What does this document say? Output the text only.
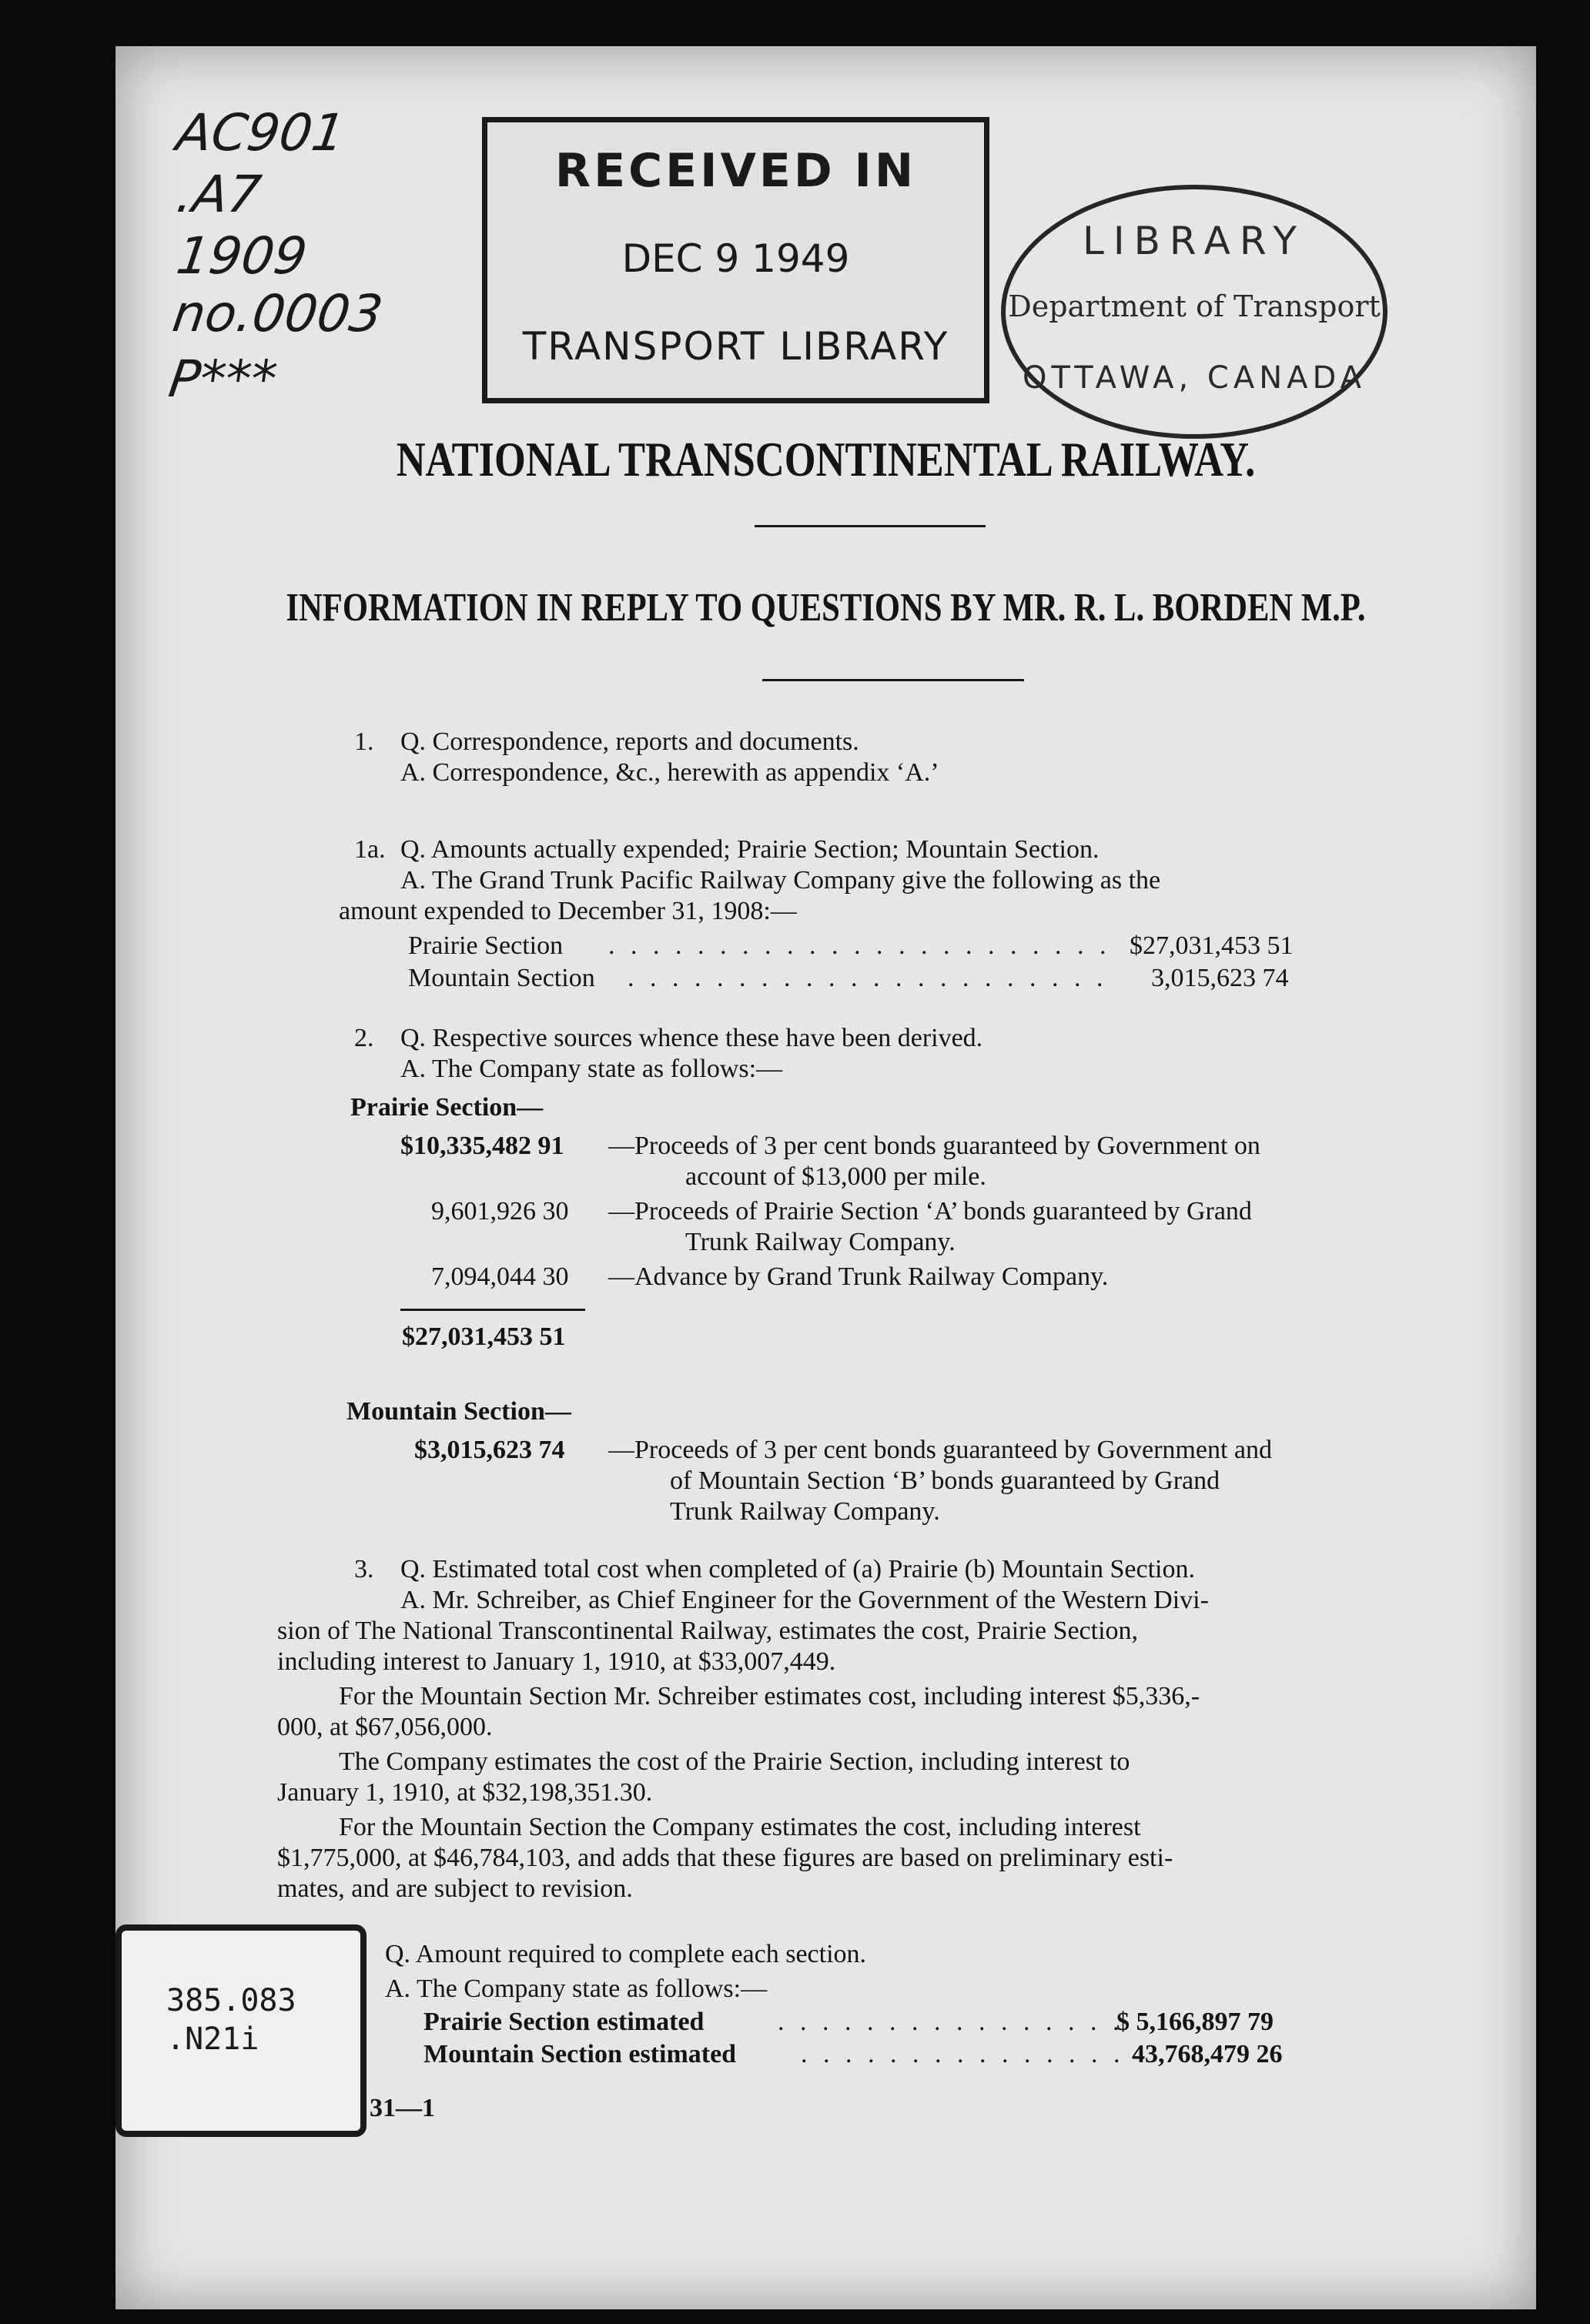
AC901
.A7
1909
no.0003
P***
RECEIVED IN
DEC 9 1949
TRANSPORT LIBRARY
LIBRARY
Department of Transport
OTTAWA, CANADA
NATIONAL TRANSCONTINENTAL RAILWAY.
INFORMATION IN REPLY TO QUESTIONS BY MR. R. L. BORDEN M.P.
1. Q. Correspondence, reports and documents.
A. Correspondence, &c., herewith as appendix ‘A.’
1a. Q. Amounts actually expended; Prairie Section; Mountain Section.
A. The Grand Trunk Pacific Railway Company give the following as the
amount expended to December 31, 1908:—
Prairie Section . . . . . . . . . . . . . . . . . . . . . . . $27,031,453 51
Mountain Section . . . . . . . . . . . . . . . . . . . . . . 3,015,623 74
2. Q. Respective sources whence these have been derived.
A. The Company state as follows:—
Prairie Section—
$10,335,482 91 —Proceeds of 3 per cent bonds guaranteed by Government on
account of $13,000 per mile.
9,601,926 30 —Proceeds of Prairie Section ‘A’ bonds guaranteed by Grand
Trunk Railway Company.
7,094,044 30 —Advance by Grand Trunk Railway Company.
$27,031,453 51
Mountain Section—
$3,015,623 74 —Proceeds of 3 per cent bonds guaranteed by Government and
of Mountain Section ‘B’ bonds guaranteed by Grand
Trunk Railway Company.
3. Q. Estimated total cost when completed of (a) Prairie (b) Mountain Section.
A. Mr. Schreiber, as Chief Engineer for the Government of the Western Divi-
sion of The National Transcontinental Railway, estimates the cost, Prairie Section,
including interest to January 1, 1910, at $33,007,449.
For the Mountain Section Mr. Schreiber estimates cost, including interest $5,336,-
000, at $67,056,000.
The Company estimates the cost of the Prairie Section, including interest to
January 1, 1910, at $32,198,351.30.
For the Mountain Section the Company estimates the cost, including interest
$1,775,000, at $46,784,103, and adds that these figures are based on preliminary esti-
mates, and are subject to revision.
385.083
.N21i
Q. Amount required to complete each section.
A. The Company state as follows:—
Prairie Section estimated	. . . . . . . . . . . . . . . .
$ 5,166,897 79
Mountain Section estimated . . . . . . . . . . . . . . . 43,768,479 26
31—1
